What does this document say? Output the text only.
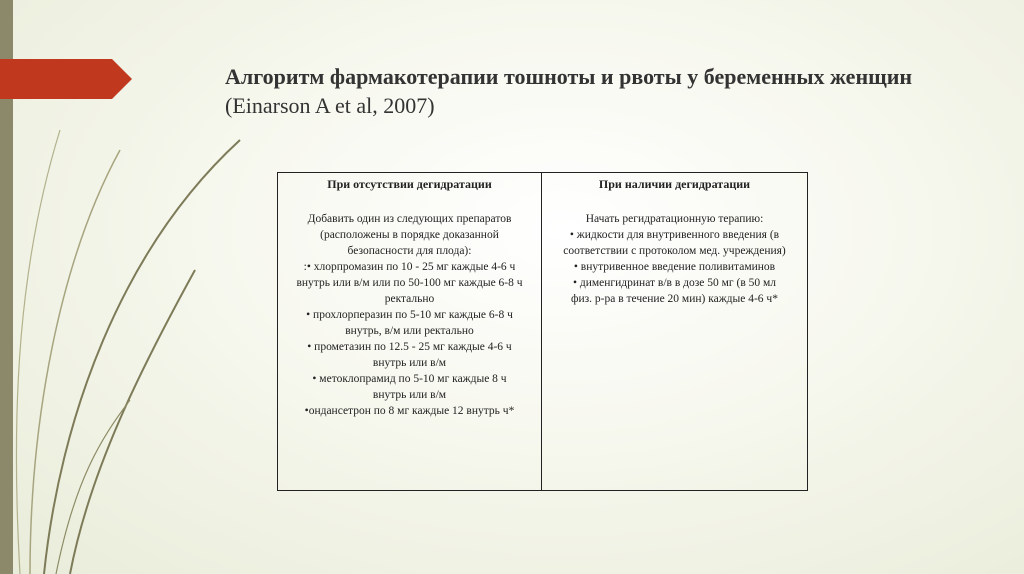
Алгоритм фармакотерапии тошноты и рвоты у беременных женщин (Einarson A et al, 2007)
При отсутствии дегидратации
Добавить один из следующих препаратов
(расположены в порядке доказанной
безопасности для плода):
:• хлорпромазин по 10 - 25 мг каждые 4-6 ч
внутрь или в/м или по 50-100 мг каждые 6-8 ч
ректально
• прохлорперазин по 5-10 мг каждые 6-8 ч
внутрь, в/м или ректально
• прометазин по 12.5 - 25 мг каждые 4-6 ч
внутрь или в/м
• метоклопрамид по 5-10 мг каждые 8 ч
внутрь или в/м
•ондансетрон по 8 мг каждые 12 внутрь ч*
При наличии дегидратации
Начать регидратационную терапию:
• жидкости для внутривенного введения (в
соответствии с протоколом мед. учреждения)
• внутривенное введение поливитаминов
• дименгидринат в/в в дозе 50 мг (в 50 мл
физ. р-ра в течение 20 мин) каждые 4-6 ч*
